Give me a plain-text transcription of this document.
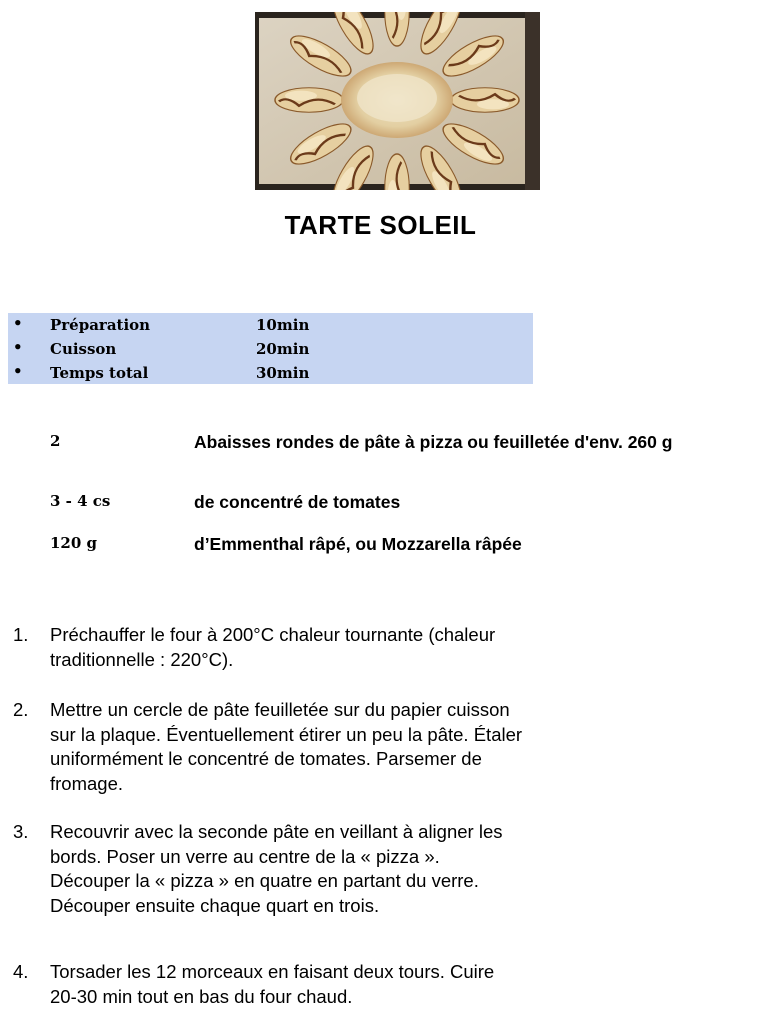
TARTE SOLEIL
• Préparation	10min
• Cuisson	20min
• Temps total	30min
2	Abaisses rondes de pâte à pizza ou feuilletée d'env. 260 g
3 - 4 cs	de concentré de tomates
120 g	d’Emmenthal râpé, ou Mozzarella râpée
1. Préchauffer le four à 200°C chaleur tournante (chaleur traditionnelle : 220°C).
2. Mettre un cercle de pâte feuilletée sur du papier cuisson sur la plaque. Éventuellement étirer un peu la pâte. Étaler uniformément le concentré de tomates. Parsemer de fromage.
3. Recouvrir avec la seconde pâte en veillant à aligner les bords. Poser un verre au centre de la « pizza ». Découper la « pizza » en quatre en partant du verre. Découper ensuite chaque quart en trois.
4. Torsader les 12 morceaux en faisant deux tours. Cuire 20-30 min tout en bas du four chaud.
